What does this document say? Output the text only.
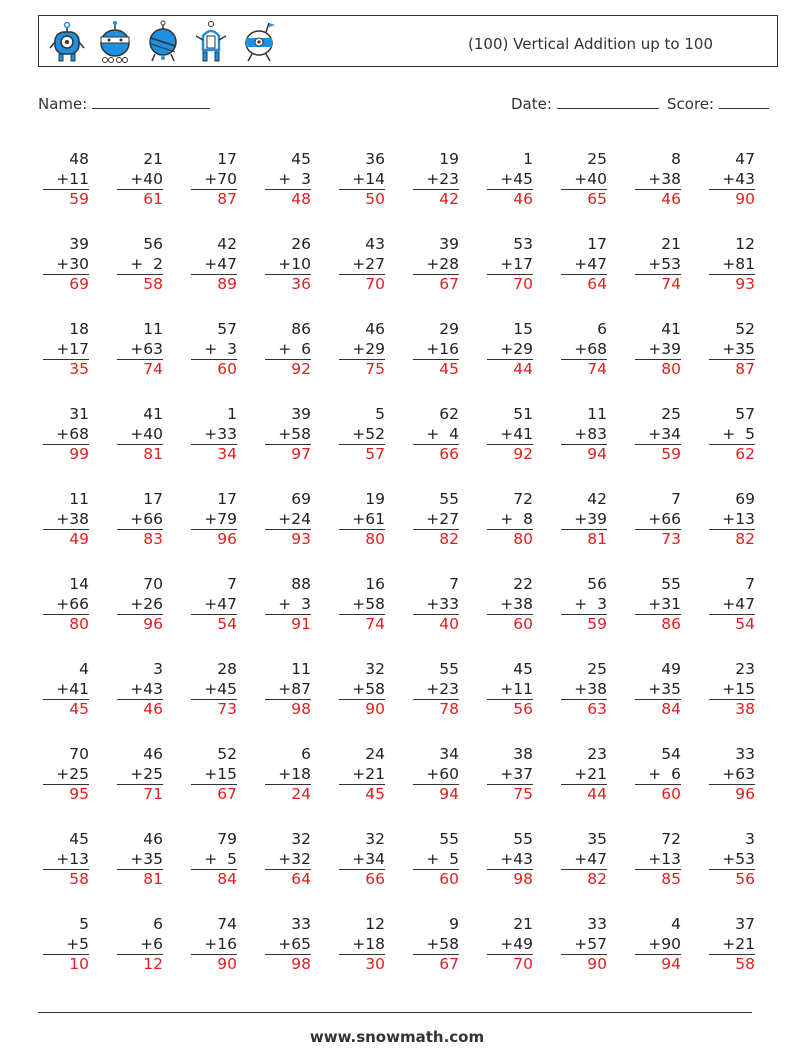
(100) Vertical Addition up to 100
Name:	Date:	Score:
48
+11
59
21
+40
61
17
+70
87
45
+  3
48
36
+14
50
19
+23
42
1
+45
46
25
+40
65
8
+38
46
47
+43
90
39
+30
69
56
+  2
58
42
+47
89
26
+10
36
43
+27
70
39
+28
67
53
+17
70
17
+47
64
21
+53
74
12
+81
93
18
+17
35
11
+63
74
57
+  3
60
86
+  6
92
46
+29
75
29
+16
45
15
+29
44
6
+68
74
41
+39
80
52
+35
87
31
+68
99
41
+40
81
1
+33
34
39
+58
97
5
+52
57
62
+  4
66
51
+41
92
11
+83
94
25
+34
59
57
+  5
62
11
+38
49
17
+66
83
17
+79
96
69
+24
93
19
+61
80
55
+27
82
72
+  8
80
42
+39
81
7
+66
73
69
+13
82
14
+66
80
70
+26
96
7
+47
54
88
+  3
91
16
+58
74
7
+33
40
22
+38
60
56
+  3
59
55
+31
86
7
+47
54
4
+41
45
3
+43
46
28
+45
73
11
+87
98
32
+58
90
55
+23
78
45
+11
56
25
+38
63
49
+35
84
23
+15
38
70
+25
95
46
+25
71
52
+15
67
6
+18
24
24
+21
45
34
+60
94
38
+37
75
23
+21
44
54
+  6
60
33
+63
96
45
+13
58
46
+35
81
79
+  5
84
32
+32
64
32
+34
66
55
+  5
60
55
+43
98
35
+47
82
72
+13
85
3
+53
56
5
+5
10
6
+6
12
74
+16
90
33
+65
98
12
+18
30
9
+58
67
21
+49
70
33
+57
90
4
+90
94
37
+21
58
www.snowmath.com
